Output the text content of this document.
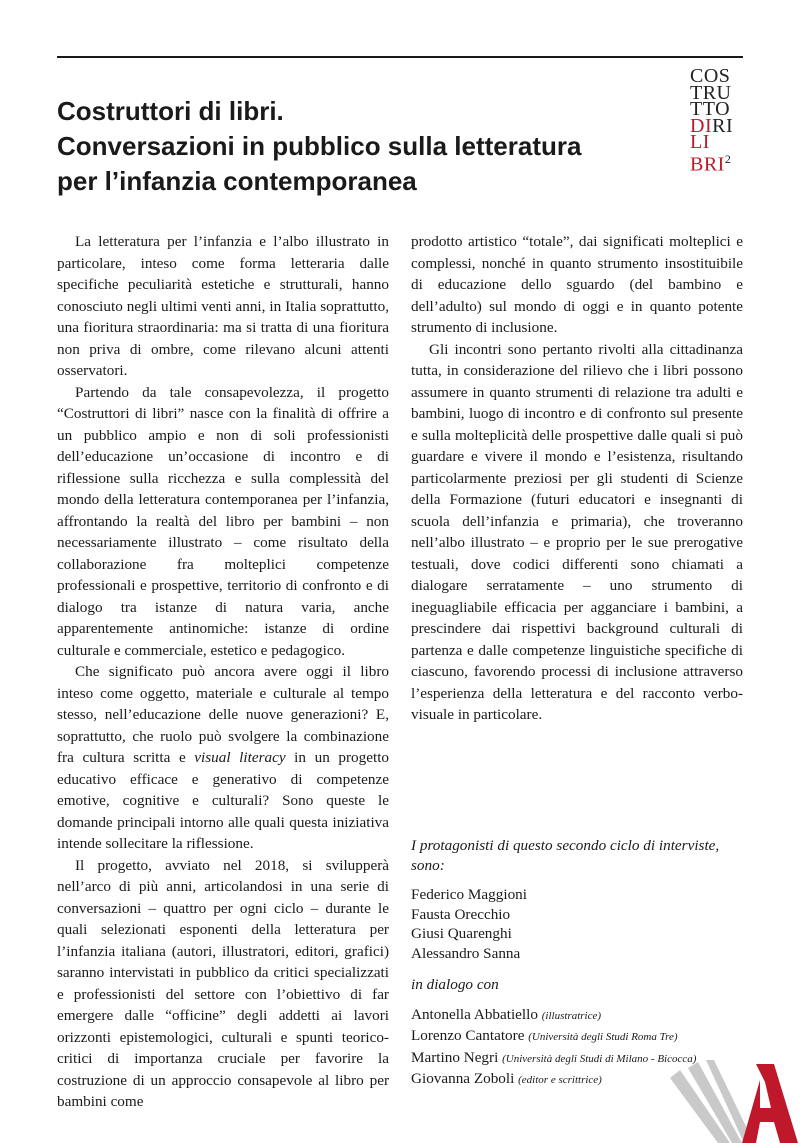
Costruttori di libri.
Conversazioni in pubblico sulla letteratura
per l’infanzia contemporanea
COS
TRU
TTO
DIRI
LI
BRI$^2$

La letteratura per l’infanzia e l’albo illustrato in particolare, inteso come forma letteraria dalle specifiche peculiarità estetiche e strutturali, hanno conosciuto negli ultimi venti anni, in Italia soprattutto, una fioritura straordinaria: ma si tratta di una fioritura non priva di ombre, come rilevano alcuni attenti osservatori.

Partendo da tale consapevolezza, il progetto “Costruttori di libri” nasce con la finalità di offrire a un pubblico ampio e non di soli professionisti dell’educazione un’occasione di incontro e di riflessione sulla ricchezza e sulla complessità del mondo della letteratura contemporanea per l’infanzia, affrontando la realtà del libro per bambini – non necessariamente illustrato – come risultato della collaborazione fra molteplici competenze professionali e prospettive, territorio di confronto e di dialogo tra istanze di natura varia, anche apparentemente antinomiche: istanze di ordine culturale e commerciale, estetico e pedagogico.

Che significato può ancora avere oggi il libro inteso come oggetto, materiale e culturale al tempo stesso, nell’educazione delle nuove generazioni? E, soprattutto, che ruolo può svolgere la combinazione fra cultura scritta e visual literacy in un progetto educativo efficace e generativo di competenze emotive, cognitive e culturali? Sono queste le domande principali intorno alle quali questa iniziativa intende sollecitare la riflessione.

Il progetto, avviato nel 2018, si svilupperà nell’arco di più anni, articolandosi in una serie di conversazioni – quattro per ogni ciclo – durante le quali selezionati esponenti della letteratura per l’infanzia italiana (autori, illustratori, editori, grafici) saranno intervistati in pubblico da critici specializzati e professionisti del settore con l’obiettivo di far emergere dalle “officine” degli addetti ai lavori orizzonti epistemologici, culturali e spunti teorico-critici di importanza cruciale per favorire la costruzione di un approccio consapevole al libro per bambini come

prodotto artistico “totale”, dai significati molteplici e complessi, nonché in quanto strumento insostituibile di educazione dello sguardo (del bambino e dell’adulto) sul mondo di oggi e in quanto potente strumento di inclusione.

Gli incontri sono pertanto rivolti alla cittadinanza tutta, in considerazione del rilievo che i libri possono assumere in quanto strumenti di relazione tra adulti e bambini, luogo di incontro e di confronto sul presente e sulla molteplicità delle prospettive dalle quali si può guardare e vivere il mondo e l’esistenza, risultando particolarmente preziosi per gli studenti di Scienze della Formazione (futuri educatori e insegnanti di scuola dell’infanzia e primaria), che troveranno nell’albo illustrato – e proprio per le sue prerogative testuali, dove codici differenti sono chiamati a dialogare serratamente – uno strumento di ineguagliabile efficacia per agganciare i bambini, a prescindere dai rispettivi background culturali di partenza e dalle competenze linguistiche specifiche di ciascuno, favorendo processi di inclusione attraverso l’esperienza della letteratura e del racconto verbo-visuale in particolare.

I protagonisti di questo secondo ciclo di interviste, sono:

Federico Maggioni
Fausta Orecchio
Giusi Quarenghi
Alessandro Sanna

in dialogo con

Antonella Abbatiello (illustratrice)
Lorenzo Cantatore (Università degli Studi Roma Tre)
Martino Negri (Università degli Studi di Milano - Bicocca)
Giovanna Zoboli (editor e scrittrice)
